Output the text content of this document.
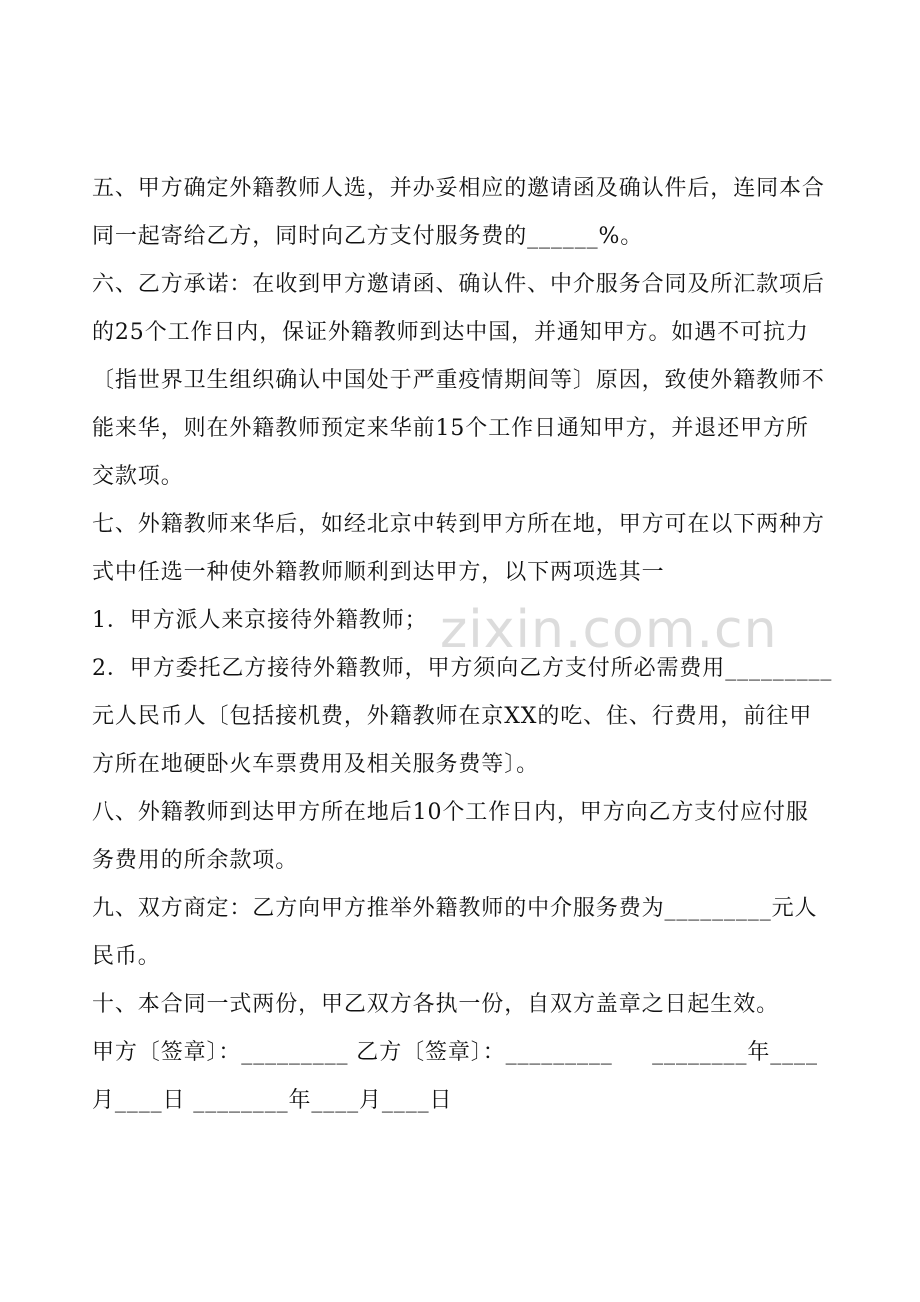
zixin.com.cn
五、甲方确定外籍教师人选，并办妥相应的邀请函及确认件后，连同本合
同一起寄给乙方，同时向乙方支付服务费的______%。
六、乙方承诺：在收到甲方邀请函、确认件、中介服务合同及所汇款项后
的25个工作日内，保证外籍教师到达中国，并通知甲方。如遇不可抗力
〔指世界卫生组织确认中国处于严重疫情期间等〕原因，致使外籍教师不
能来华，则在外籍教师预定来华前15个工作日通知甲方，并退还甲方所
交款项。
七、外籍教师来华后，如经北京中转到甲方所在地，甲方可在以下两种方
式中任选一种使外籍教师顺利到达甲方，以下两项选其一
1．甲方派人来京接待外籍教师；
2．甲方委托乙方接待外籍教师，甲方须向乙方支付所必需费用_________
元人民币人〔包括接机费，外籍教师在京XX的吃、住、行费用，前往甲
方所在地硬卧火车票费用及相关服务费等〕。
八、外籍教师到达甲方所在地后10个工作日内，甲方向乙方支付应付服
务费用的所余款项。
九、双方商定：乙方向甲方推举外籍教师的中介服务费为_________元人
民币。
十、本合同一式两份，甲乙双方各执一份，自双方盖章之日起生效。
甲方〔签章〕：_________ 乙方〔签章〕：_________     ________年____
月____日 ________年____月____日
